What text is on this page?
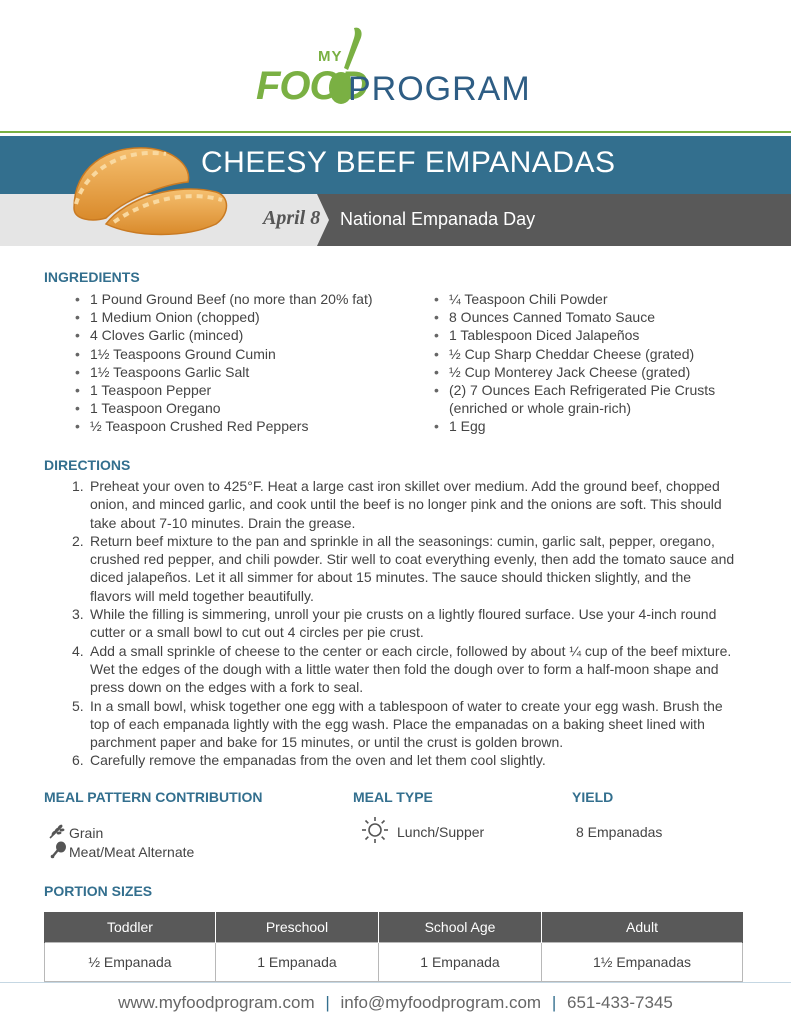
MY
FOOD
PROGRAM
CHEESY BEEF EMPANADAS
April 8 National Empanada Day
INGREDIENTS
• 1 Pound Ground Beef (no more than 20% fat)
• 1 Medium Onion (chopped)
• 4 Cloves Garlic (minced)
• 1½ Teaspoons Ground Cumin
• 1½ Teaspoons Garlic Salt
• 1 Teaspoon Pepper
• 1 Teaspoon Oregano
• ½ Teaspoon Crushed Red Peppers
• ¼ Teaspoon Chili Powder
• 8 Ounces Canned Tomato Sauce
• 1 Tablespoon Diced Jalapeños
• ½ Cup Sharp Cheddar Cheese (grated)
• ½ Cup Monterey Jack Cheese (grated)
• (2) 7 Ounces Each Refrigerated Pie Crusts (enriched or whole grain-rich)
• 1 Egg
DIRECTIONS
1. Preheat your oven to 425°F. Heat a large cast iron skillet over medium. Add the ground beef, chopped onion, and minced garlic, and cook until the beef is no longer pink and the onions are soft. This should take about 7-10 minutes. Drain the grease.
2. Return beef mixture to the pan and sprinkle in all the seasonings: cumin, garlic salt, pepper, oregano, crushed red pepper, and chili powder. Stir well to coat everything evenly, then add the tomato sauce and diced jalapeños. Let it all simmer for about 15 minutes. The sauce should thicken slightly, and the flavors will meld together beautifully.
3. While the filling is simmering, unroll your pie crusts on a lightly floured surface. Use your 4-inch round cutter or a small bowl to cut out 4 circles per pie crust.
4. Add a small sprinkle of cheese to the center or each circle, followed by about ¼ cup of the beef mixture. Wet the edges of the dough with a little water then fold the dough over to form a half-moon shape and press down on the edges with a fork to seal.
5. In a small bowl, whisk together one egg with a tablespoon of water to create your egg wash. Brush the top of each empanada lightly with the egg wash. Place the empanadas on a baking sheet lined with parchment paper and bake for 15 minutes, or until the crust is golden brown.
6. Carefully remove the empanadas from the oven and let them cool slightly.
MEAL PATTERN CONTRIBUTION
Grain
Meat/Meat Alternate
MEAL TYPE
Lunch/Supper
YIELD
8 Empanadas
PORTION SIZES
Toddler	Preschool	School Age	Adult
½ Empanada	1 Empanada	1 Empanada	1½ Empanadas
www.myfoodprogram.com | info@myfoodprogram.com | 651-433-7345
